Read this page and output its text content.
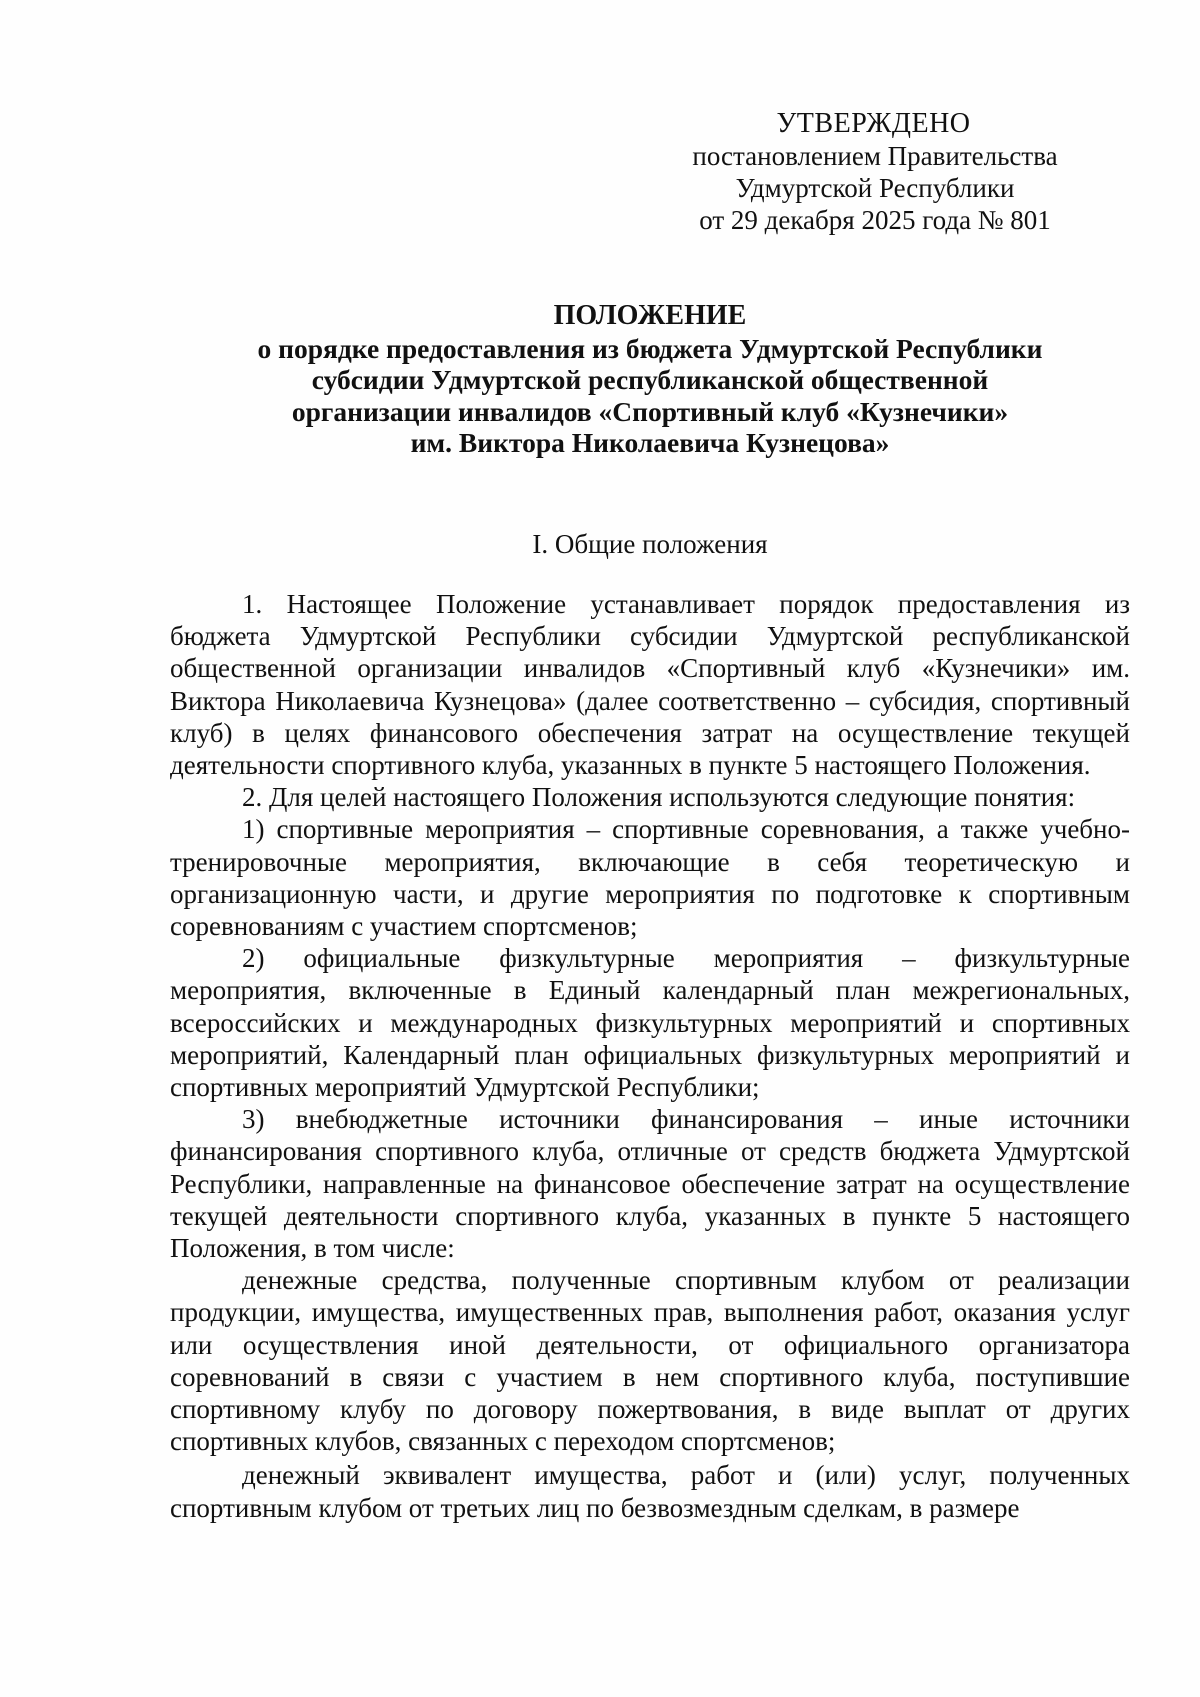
УТВЕРЖДЕНО
постановлением Правительства
Удмуртской Республики
от 29 декабря 2025 года № 801
ПОЛОЖЕНИЕ
о порядке предоставления из бюджета Удмуртской Республики
субсидии Удмуртской республиканской общественной
организации инвалидов «Спортивный клуб «Кузнечики»
им. Виктора Николаевича Кузнецова»
I. Общие положения

1. Настоящее Положение устанавливает порядок предоставления из бюджета Удмуртской Республики субсидии Удмуртской республиканской общественной организации инвалидов «Спортивный клуб «Кузнечики» им. Виктора Николаевича Кузнецова» (далее соответственно – субсидия, спортивный клуб) в целях финансового обеспечения затрат на осуществление текущей деятельности спортивного клуба, указанных в пункте 5 настоящего Положения.

2. Для целей настоящего Положения используются следующие понятия:

1) спортивные мероприятия – спортивные соревнования, а также учебно-тренировочные мероприятия, включающие в себя теоретическую и организационную части, и другие мероприятия по подготовке к спортивным соревнованиям с участием спортсменов;

2) официальные физкультурные мероприятия – физкультурные мероприятия, включенные в Единый календарный план межрегиональных, всероссийских и международных физкультурных мероприятий и спортивных мероприятий, Календарный план официальных физкультурных мероприятий и спортивных мероприятий Удмуртской Республики;

3) внебюджетные источники финансирования – иные источники финансирования спортивного клуба, отличные от средств бюджета Удмуртской Республики, направленные на финансовое обеспечение затрат на осуществление текущей деятельности спортивного клуба, указанных в пункте 5 настоящего Положения, в том числе:

денежные средства, полученные спортивным клубом от реализации продукции, имущества, имущественных прав, выполнения работ, оказания услуг или осуществления иной деятельности, от официального организатора соревнований в связи с участием в нем спортивного клуба, поступившие спортивному клубу по договору пожертвования, в виде выплат от других спортивных клубов, связанных с переходом спортсменов;

денежный эквивалент имущества, работ и (или) услуг, полученных спортивным клубом от третьих лиц по безвозмездным сделкам, в размере
